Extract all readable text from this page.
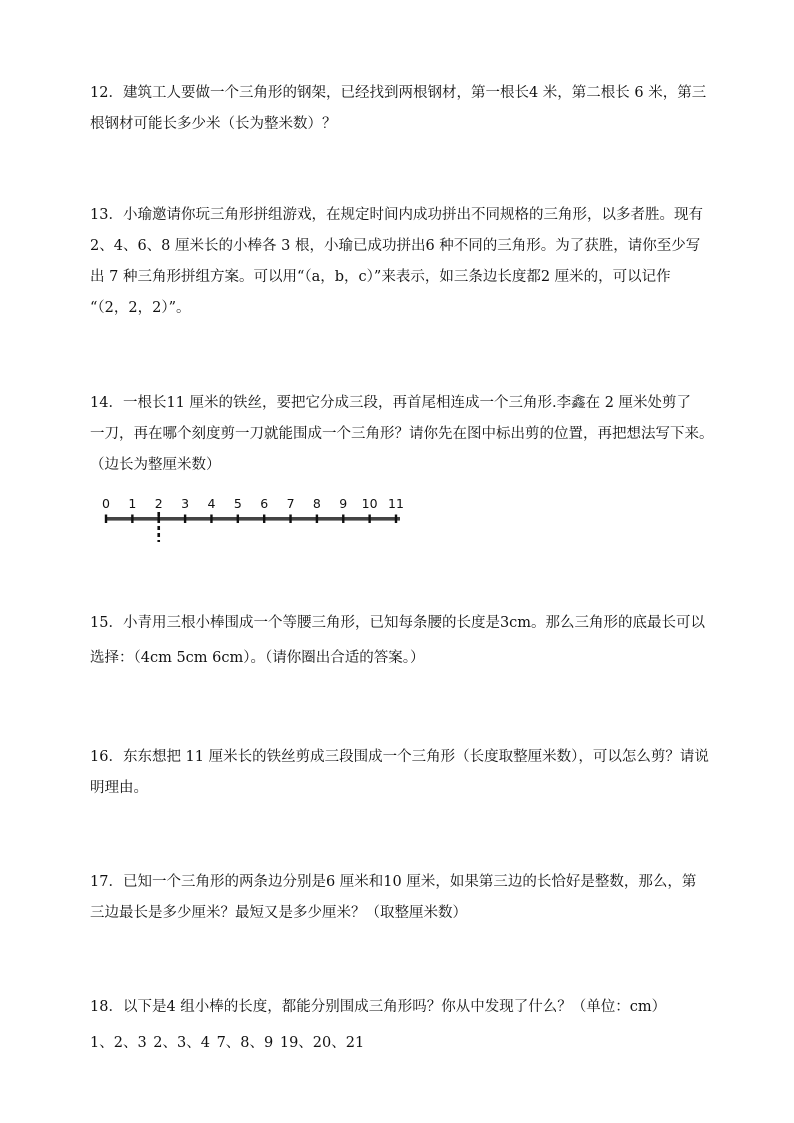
12．建筑工人要做一个三角形的钢架，已经找到两根钢材，第一根长4 米，第二根长 6 米，第三
根钢材可能长多少米（长为整米数）？
13．小瑜邀请你玩三角形拼组游戏，在规定时间内成功拼出不同规格的三角形，以多者胜。现有
2、4、6、8 厘米长的小棒各 3 根，小瑜已成功拼出6 种不同的三角形。为了获胜，请你至少写
出 7 种三角形拼组方案。可以用“（a，b，c）”来表示，如三条边长度都2 厘米的，可以记作
“（2，2，2）”。
14．一根长11 厘米的铁丝，要把它分成三段，再首尾相连成一个三角形.李鑫在 2 厘米处剪了
一刀，再在哪个刻度剪一刀就能围成一个三角形？请你先在图中标出剪的位置，再把想法写下来。
（边长为整厘米数）
0 1 2 3 4 5 6 7 8 9 10 11
15．小青用三根小棒围成一个等腰三角形，已知每条腰的长度是3cm。那么三角形的底最长可以
选择：（4cm 5cm 6cm）。（请你圈出合适的答案。）
16．东东想把 11 厘米长的铁丝剪成三段围成一个三角形（长度取整厘米数），可以怎么剪？请说
明理由。
17．已知一个三角形的两条边分别是6 厘米和10 厘米，如果第三边的长恰好是整数，那么，第
三边最长是多少厘米？最短又是多少厘米？（取整厘米数）
18．以下是4 组小棒的长度，都能分别围成三角形吗？你从中发现了什么？（单位：cm）
1、2、3 2、3、4 7、8、9 19、20、21
